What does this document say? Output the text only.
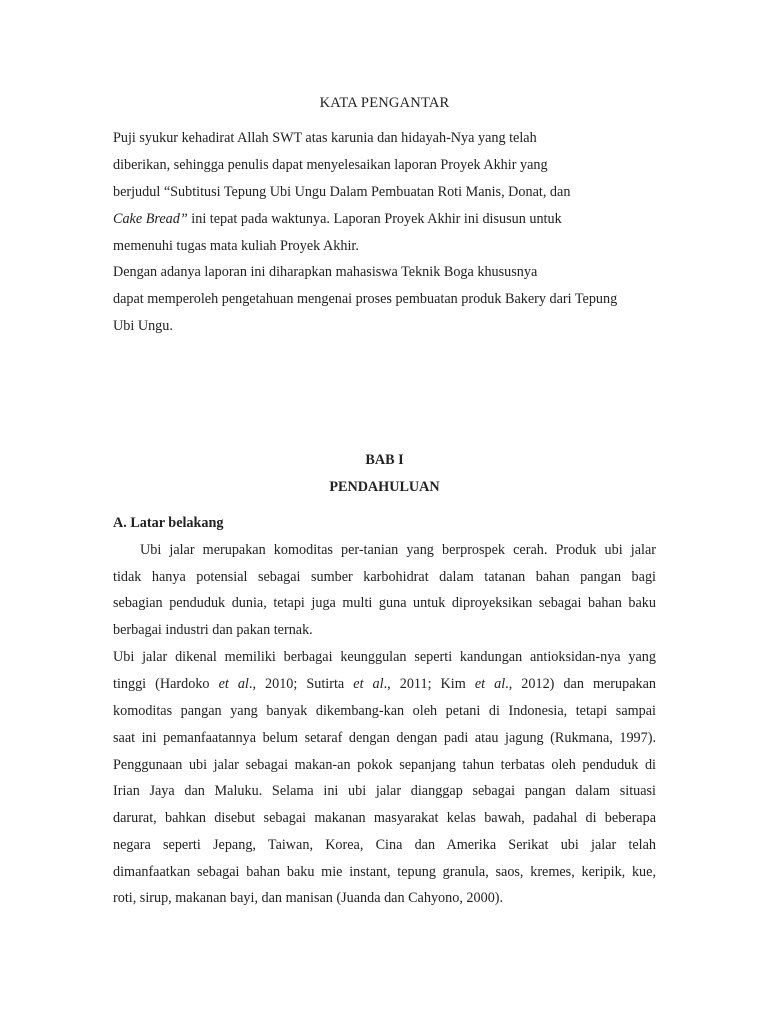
KATA PENGANTAR
Puji syukur kehadirat Allah SWT atas karunia dan hidayah-Nya yang telah
diberikan, sehingga penulis dapat menyelesaikan laporan Proyek Akhir yang
berjudul “Subtitusi Tepung Ubi Ungu Dalam Pembuatan Roti Manis, Donat, dan
Cake Bread” ini tepat pada waktunya. Laporan Proyek Akhir ini disusun untuk
memenuhi tugas mata kuliah Proyek Akhir.
Dengan adanya laporan ini diharapkan mahasiswa Teknik Boga khususnya
dapat memperoleh pengetahuan mengenai proses pembuatan produk Bakery dari Tepung
Ubi Ungu.
BAB I
PENDAHULUAN
A. Latar belakang
Ubi jalar merupakan komoditas per-tanian yang berprospek cerah. Produk ubi jalar
tidak hanya potensial sebagai sumber karbohidrat dalam tatanan bahan pangan bagi
sebagian penduduk dunia, tetapi juga multi guna untuk diproyeksikan sebagai bahan baku
berbagai industri dan pakan ternak.
Ubi jalar dikenal memiliki berbagai keunggulan seperti kandungan antioksidan-nya yang
tinggi (Hardoko et al., 2010; Sutirta et al., 2011; Kim et al., 2012) dan merupakan
komoditas pangan yang banyak dikembang-kan oleh petani di Indonesia, tetapi sampai
saat ini pemanfaatannya belum setaraf dengan dengan padi atau jagung (Rukmana, 1997).
Penggunaan ubi jalar sebagai makan-an pokok sepanjang tahun terbatas oleh penduduk di
Irian Jaya dan Maluku. Selama ini ubi jalar dianggap sebagai pangan dalam situasi
darurat, bahkan disebut sebagai makanan masyarakat kelas bawah, padahal di beberapa
negara seperti Jepang, Taiwan, Korea, Cina dan Amerika Serikat ubi jalar telah
dimanfaatkan sebagai bahan baku mie instant, tepung granula, saos, kremes, keripik, kue,
roti, sirup, makanan bayi, dan manisan (Juanda dan Cahyono, 2000).
